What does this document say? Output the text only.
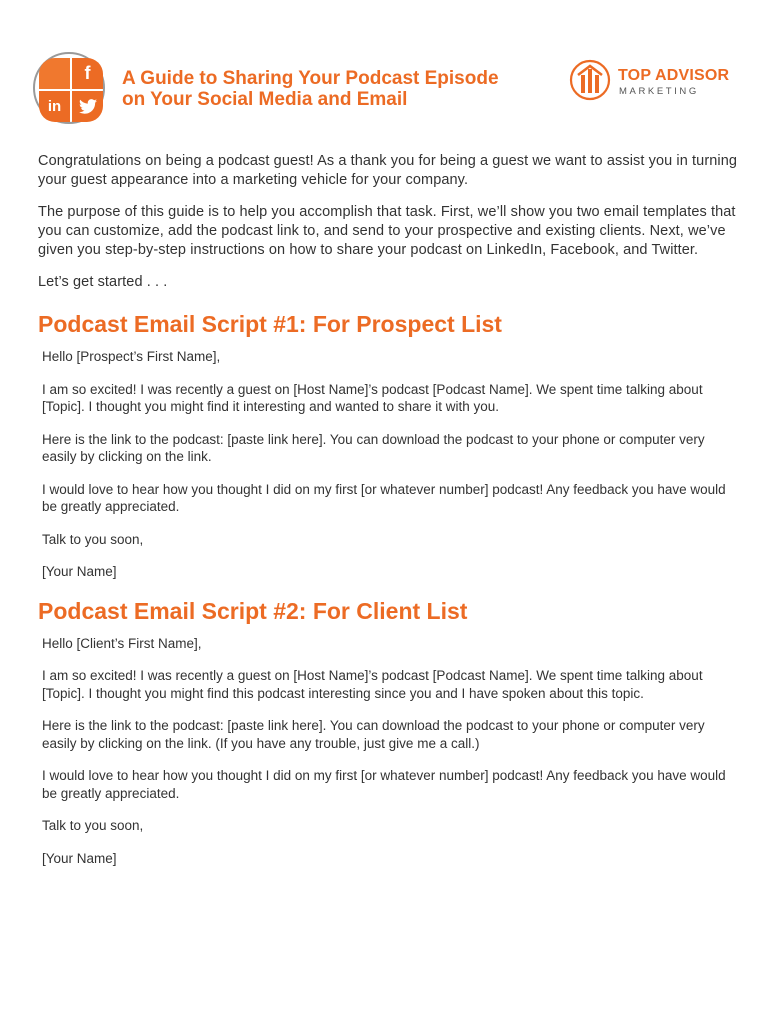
f
in
A Guide to Sharing Your Podcast Episode
on Your Social Media and Email
TOP ADVISOR
MARKETING

Congratulations on being a podcast guest! As a thank you for being a guest we want to assist you in turning your guest appearance into a marketing vehicle for your company.

The purpose of this guide is to help you accomplish that task. First, we’ll show you two email templates that you can customize, add the podcast link to, and send to your prospective and existing clients. Next, we’ve given you step-by-step instructions on how to share your podcast on LinkedIn, Facebook, and Twitter.

Let’s get started . . .

Podcast Email Script #1: For Prospect List

Hello [Prospect’s First Name],

I am so excited! I was recently a guest on [Host Name]’s podcast [Podcast Name]. We spent time talking about [Topic]. I thought you might find it interesting and wanted to share it with you.

Here is the link to the podcast: [paste link here]. You can download the podcast to your phone or computer very easily by clicking on the link.

I would love to hear how you thought I did on my first [or whatever number] podcast! Any feedback you have would be greatly appreciated.

Talk to you soon,

[Your Name]

Podcast Email Script #2: For Client List

Hello [Client’s First Name],

I am so excited! I was recently a guest on [Host Name]’s podcast [Podcast Name]. We spent time talking about [Topic]. I thought you might find this podcast interesting since you and I have spoken about this topic.

Here is the link to the podcast: [paste link here]. You can download the podcast to your phone or computer very easily by clicking on the link. (If you have any trouble, just give me a call.)

I would love to hear how you thought I did on my first [or whatever number] podcast! Any feedback you have would be greatly appreciated.

Talk to you soon,

[Your Name]
